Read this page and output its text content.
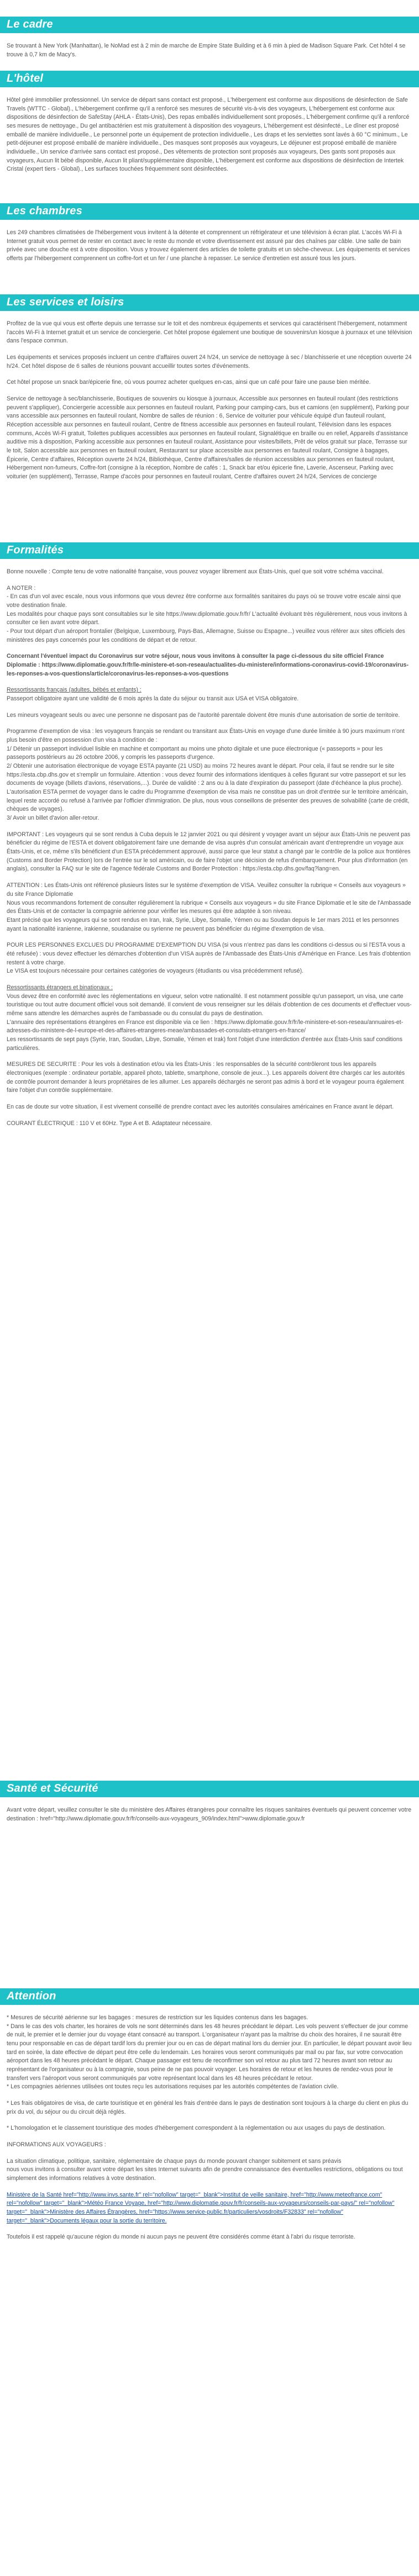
Le cadre

Se trouvant à New York (Manhattan), le NoMad est à 2 min de marche de Empire State Building et à 6 min à pied de Madison Square Park. Cet hôtel 4 se trouve à 0,7 km de Macy's.

L'hôtel

Hôtel géré immobilier professionnel. Un service de départ sans contact est proposé., L'hébergement est conforme aux dispositions de désinfection de Safe Travels (WTTC - Global)., L'hébergement confirme qu'il a renforcé ses mesures de sécurité vis-à-vis des voyageurs, L'hébergement est conforme aux dispositions de désinfection de SafeStay (AHLA - États-Unis), Des repas emballés individuellement sont proposés., L'hébergement confirme qu'il a renforcé ses mesures de nettoyage., Du gel antibactérien est mis gratuitement à disposition des voyageurs, L'hébergement est désinfecté., Le dîner est proposé emballé de manière individuelle., Le personnel porte un équipement de protection individuelle., Les draps et les serviettes sont lavés à 60 °C minimum., Le petit-déjeuner est proposé emballé de manière individuelle., Des masques sont proposés aux voyageurs, Le déjeuner est proposé emballé de manière individuelle., Un service d'arrivée sans contact est proposé., Des vêtements de protection sont proposés aux voyageurs, Des gants sont proposés aux voyageurs, Aucun lit bébé disponible, Aucun lit pliant/supplémentaire disponible, L'hébergement est conforme aux dispositions de désinfection de Intertek Cristal (expert tiers - Global)., Les surfaces touchées fréquemment sont désinfectées.

Les chambres

Les 249 chambres climatisées de l'hébergement vous invitent à la détente et comprennent un réfrigérateur et une télévision à écran plat. L'accès Wi-Fi à Internet gratuit vous permet de rester en contact avec le reste du monde et votre divertissement est assuré par des chaînes par câble. Une salle de bain privée avec une douche est à votre disposition. Vous y trouvez également des articles de toilette gratuits et un sèche-cheveux. Les équipements et services offerts par l'hébergement comprennent un coffre-fort et un fer / une planche à repasser. Le service d'entretien est assuré tous les jours.

Les services et loisirs

Profitez de la vue qui vous est offerte depuis une terrasse sur le toit et des nombreux équipements et services qui caractérisent l'hébergement, notamment l'accès Wi-Fi à Internet gratuit et un service de conciergerie. Cet hôtel propose également une boutique de souvenirs/un kiosque à journaux et une télévision dans l'espace commun.

Les équipements et services proposés incluent un centre d'affaires ouvert 24 h/24, un service de nettoyage à sec / blanchisserie et une réception ouverte 24 h/24. Cet hôtel dispose de 6 salles de réunions pouvant accueillir toutes sortes d'événements.

Cet hôtel propose un snack bar/épicerie fine, où vous pourrez acheter quelques en-cas, ainsi que un café pour faire une pause bien méritée.

Service de nettoyage à sec/blanchisserie, Boutiques de souvenirs ou kiosque à journaux, Accessible aux personnes en fauteuil roulant (des restrictions peuvent s'appliquer), Conciergerie accessible aux personnes en fauteuil roulant, Parking pour camping-cars, bus et camions (en supplément), Parking pour vans accessible aux personnes en fauteuil roulant, Nombre de salles de réunion : 6, Service de voiturier pour véhicule équipé d'un fauteuil roulant, Réception accessible aux personnes en fauteuil roulant, Centre de fitness accessible aux personnes en fauteuil roulant, Télévision dans les espaces communs, Accès Wi-Fi gratuit, Toilettes publiques accessibles aux personnes en fauteuil roulant, Signalétique en braille ou en relief, Appareils d'assistance auditive mis à disposition, Parking accessible aux personnes en fauteuil roulant, Assistance pour visites/billets, Prêt de vélos gratuit sur place, Terrasse sur le toit, Salon accessible aux personnes en fauteuil roulant, Restaurant sur place accessible aux personnes en fauteuil roulant, Consigne à bagages, Épicerie, Centre d'affaires, Réception ouverte 24 h/24, Bibliothèque, Centre d'affaires/salles de réunion accessibles aux personnes en fauteuil roulant, Hébergement non-fumeurs, Coffre-fort (consigne à la réception, Nombre de cafés : 1, Snack bar et/ou épicerie fine, Laverie, Ascenseur, Parking avec voiturier (en supplément), Terrasse, Rampe d'accès pour personnes en fauteuil roulant, Centre d'affaires ouvert 24 h/24, Services de concierge

Formalités

Bonne nouvelle : Compte tenu de votre nationalité française, vous pouvez voyager librement aux États-Unis, quel que soit votre schéma vaccinal.

A NOTER :
- En cas d'un vol avec escale, nous vous informons que vous devrez être conforme aux formalités sanitaires du pays où se trouve votre escale ainsi que votre destination finale.
Les modalités pour chaque pays sont consultables sur le site https://www.diplomatie.gouv.fr/fr/ L'actualité évoluant très régulièrement, nous vous invitons à consulter ce lien avant votre départ.
- Pour tout départ d'un aéroport frontalier (Belgique, Luxembourg, Pays-Bas, Allemagne, Suisse ou Espagne...) veuillez vous référer aux sites officiels des ministères des pays concernés pour les conditions de départ et de retour.

Concernant l'éventuel impact du Coronavirus sur votre séjour, nous vous invitons à consulter la page ci-dessous du site officiel France Diplomatie : https://www.diplomatie.gouv.fr/fr/le-ministere-et-son-reseau/actualites-du-ministere/informations-coronavirus-covid-19/coronavirus-les-reponses-a-vos-questions/article/coronavirus-les-reponses-a-vos-questions

Ressortissants français (adultes, bébés et enfants) :
Passeport obligatoire ayant une validité de 6 mois après la date du séjour ou transit aux USA et VISA obligatoire.

Les mineurs voyageant seuls ou avec une personne ne disposant pas de l'autorité parentale doivent être munis d'une autorisation de sortie de territoire.

Programme d'exemption de visa : les voyageurs français se rendant ou transitant aux États-Unis en voyage d'une durée limitée à 90 jours maximum n'ont plus besoin d'être en possession d'un visa à condition de :
1/ Détenir un passeport individuel lisible en machine et comportant au moins une photo digitale et une puce électronique (« passeports » pour les passeports postérieurs au 26 octobre 2006, y compris les passeports d'urgence.
2/ Obtenir une autorisation électronique de voyage ESTA payante (21 USD) au moins 72 heures avant le départ. Pour cela, il faut se rendre sur le site https://esta.cbp.dhs.gov et s'remplir un formulaire. Attention : vous devez fournir des informations identiques à celles figurant sur votre passeport et sur les documents de voyage (billets d'avions, réservations,...). Durée de validité : 2 ans ou à la date d'expiration du passeport (date d'échéance la plus proche).
L'autorisation ESTA permet de voyager dans le cadre du Programme d'exemption de visa mais ne constitue pas un droit d'entrée sur le territoire américain, lequel reste accordé ou refusé à l'arrivée par l'officier d'immigration. De plus, nous vous conseillons de présenter des preuves de solvabilité (carte de crédit, chèques de voyages).
3/ Avoir un billet d'avion aller-retour.

IMPORTANT : Les voyageurs qui se sont rendus à Cuba depuis le 12 janvier 2021 ou qui désirent y voyager avant un séjour aux États-Unis ne peuvent pas bénéficier du régime de l'ESTA et doivent obligatoirement faire une demande de visa auprès d'un consulat américain avant d'entreprendre un voyage aux États-Unis, et ce, même s'ils bénéficient d'un ESTA précédemment approuvé, aussi parce que leur statut a changé par le contrôle de la police aux frontières (Customs and Border Protection) lors de l'entrée sur le sol américain, ou de faire l'objet une décision de refus d'embarquement. Pour plus d'information (en anglais), consulter la FAQ sur le site de l'agence fédérale Customs and Border Protection : https://esta.cbp.dhs.gov/faq?lang=en.

ATTENTION : Les États-Unis ont référencé plusieurs listes sur le système d'exemption de VISA. Veuillez consulter la rubrique « Conseils aux voyageurs » du site France Diplomatie
Nous vous recommandons fortement de consulter régulièrement la rubrique « Conseils aux voyageurs » du site France Diplomatie et le site de l'Ambassade des États-Unis et de contacter la compagnie aérienne pour vérifier les mesures qui être adaptée à son niveau.
Etant précisé que les voyageurs qui se sont rendus en Iran, Irak, Syrie, Libye, Somalie, Yémen ou au Soudan depuis le 1er mars 2011 et les personnes ayant la nationalité iranienne, irakienne, soudanaise ou syrienne ne peuvent pas bénéficier du régime d'exemption de visa.

POUR LES PERSONNES EXCLUES DU PROGRAMME D'EXEMPTION DU VISA (si vous n'entrez pas dans les conditions ci-dessus ou si l'ESTA vous a été refusée) : vous devez effectuer les démarches d'obtention d'un VISA auprès de l'Ambassade des États-Unis d'Amérique en France. Les frais d'obtention restent à votre charge.
Le VISA est toujours nécessaire pour certaines catégories de voyageurs (étudiants ou visa précédemment refusé).

Ressortissants étrangers et binationaux :
Vous devez être en conformité avec les réglementations en vigueur, selon votre nationalité. Il est notamment possible qu'un passeport, un visa, une carte touristique ou tout autre document officiel vous soit demandé. Il convient de vous renseigner sur les délais d'obtention de ces documents et d'effectuer vous-même sans attendre les démarches auprès de l'ambassade ou du consulat du pays de destination.
L'annuaire des représentations étrangères en France est disponible via ce lien : https://www.diplomatie.gouv.fr/fr/le-ministere-et-son-reseau/annuaires-et-adresses-du-ministere-de-l-europe-et-des-affaires-etrangeres-meae/ambassades-et-consulats-etrangers-en-france/
Les ressortissants de sept pays (Syrie, Iran, Soudan, Libye, Somalie, Yémen et Irak) font l'objet d'une interdiction d'entrée aux États-Unis sauf conditions particulières.

MESURES DE SECURITE : Pour les vols à destination et/ou via les États-Unis : les responsables de la sécurité contrôleront tous les appareils électroniques (exemple : ordinateur portable, appareil photo, tablette, smartphone, console de jeux...). Les appareils doivent être chargés car les autorités de contrôle pourront demander à leurs propriétaires de les allumer. Les appareils déchargés ne seront pas admis à bord et le voyageur pourra également faire l'objet d'un contrôle supplémentaire.

En cas de doute sur votre situation, il est vivement conseillé de prendre contact avec les autorités consulaires américaines en France avant le départ.

COURANT ÉLECTRIQUE : 110 V et 60Hz. Type A et B. Adaptateur nécessaire.

Santé et Sécurité

Avant votre départ, veuillez consulter le site du ministère des Affaires étrangères pour connaître les risques sanitaires éventuels qui peuvent concerner votre destination : href="http://www.diplomatie.gouv.fr/fr/conseils-aux-voyageurs_909/index.html">www.diplomatie.gouv.fr

Attention

* Mesures de sécurité aérienne sur les bagages : mesures de restriction sur les liquides contenus dans les bagages.
* Dans le cas des vols charter, les horaires de vols ne sont déterminés dans les 48 heures précédant le départ. Les vols peuvent s'effectuer de jour comme de nuit, le premier et le dernier jour du voyage étant consacré au transport. L'organisateur n'ayant pas la maîtrise du choix des horaires, il ne saurait être tenu pour responsable en cas de départ tardif lors du premier jour ou en cas de départ matinal lors du dernier jour. En particulier, le départ pouvant avoir lieu tard en soirée, la date effective de départ peut être celle du lendemain. Les horaires vous seront communiqués par mail ou par fax, sur votre convocation aéroport dans les 48 heures précédant le départ. Chaque passager est tenu de reconfirmer son vol retour au plus tard 72 heures avant son retour au représentant de l'organisateur ou à la compagnie, sous peine de ne pas pouvoir voyager. Les horaires de retour et les heures de rendez-vous pour le transfert vers l'aéroport vous seront communiqués par votre représentant local dans les 48 heures précédant le retour.
* Les compagnies aériennes utilisées ont toutes reçu les autorisations requises par les autorités compétentes de l'aviation civile.

* Les frais obligatoires de visa, de carte touristique et en général les frais d'entrée dans le pays de destination sont toujours à la charge du client en plus du prix du vol, du séjour ou du circuit déjà réglés.

* L'homologation et le classement touristique des modes d'hébergement correspondent à la réglementation ou aux usages du pays de destination.

INFORMATIONS AUX VOYAGEURS :

La situation climatique, politique, sanitaire, réglementaire de chaque pays du monde pouvant changer subitement et sans préavis
nous vous invitons à consulter avant votre départ les sites Internet suivants afin de prendre connaissance des éventuelles restrictions, obligations ou tout simplement des informations relatives à votre destination.

Ministère de la Santé href="http://www.invs.sante.fr" rel="nofollow" target="_blank">Institut de veille sanitaire, href="http://www.meteofrance.com" rel="nofollow" target="_blank">Météo France Voyage, href="http://www.diplomatie.gouv.fr/fr/conseils-aux-voyageurs/conseils-par-pays/" rel="nofollow" target="_blank">Ministère des Affaires Étrangères, href="https://www.service-public.fr/particuliers/vosdroits/F32833" rel="nofollow" target="_blank">Documents légaux pour la sortie du territoire.

Toutefois il est rappelé qu'aucune région du monde ni aucun pays ne peuvent être considérés comme étant à l'abri du risque terroriste.
